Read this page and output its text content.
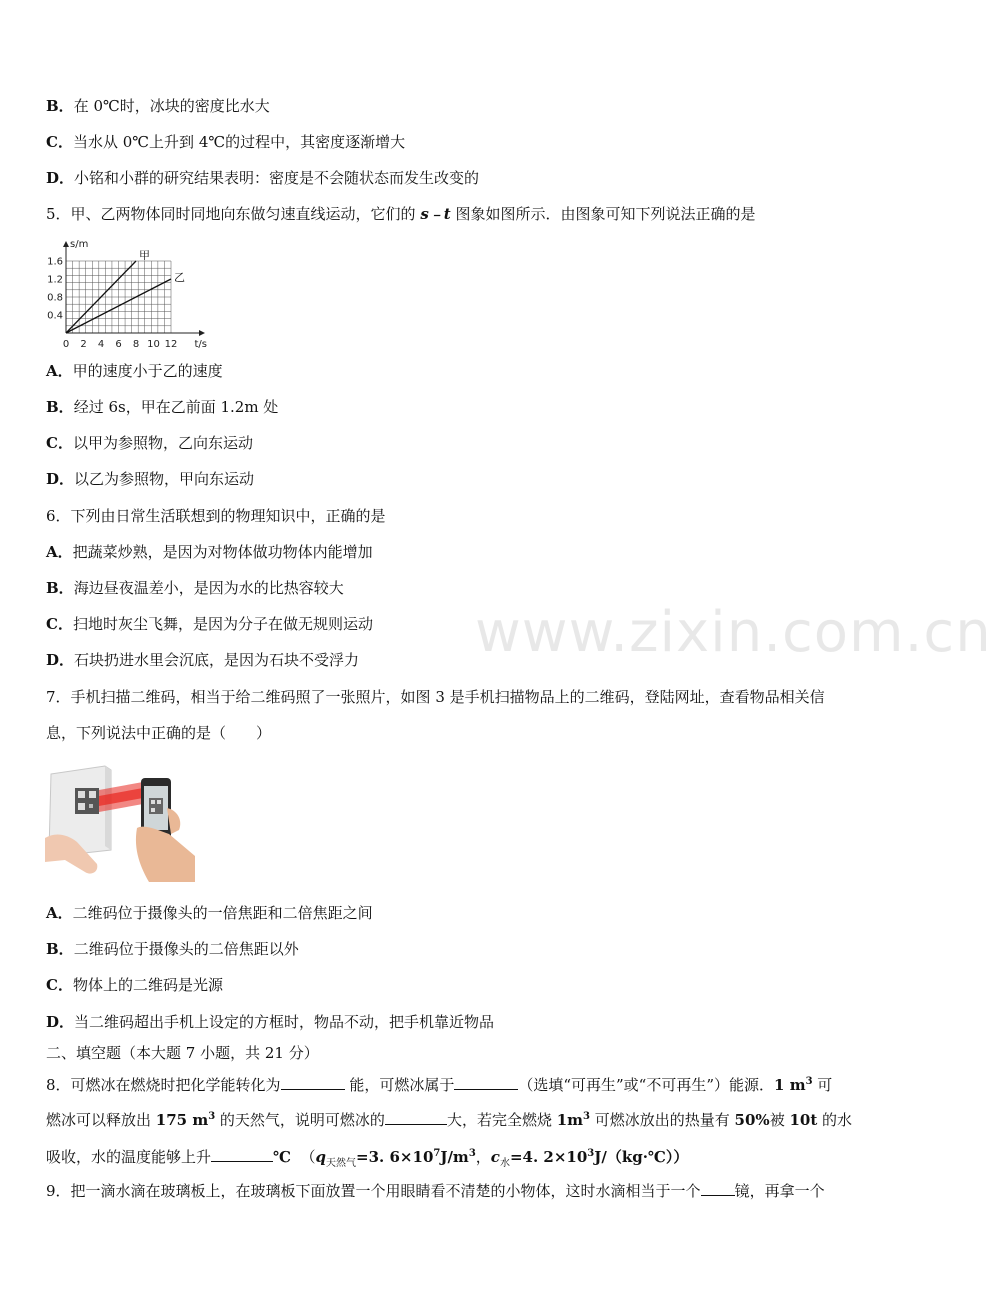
www.zixin.com.cn
B．在 0℃时，冰块的密度比水大
C．当水从 0℃上升到 4℃的过程中，其密度逐渐增大
D．小铭和小群的研究结果表明：密度是不会随状态而发生改变的
5．甲、乙两物体同时同地向东做匀速直线运动，它们的 s﹣t 图象如图所示．由图象可知下列说法正确的是
0 2 4 6 8 10 12
0.4
0.8
1.2
1.6
s/m
t/s
甲
乙
A．甲的速度小于乙的速度
B．经过 6s，甲在乙前面 1.2m 处
C．以甲为参照物，乙向东运动
D．以乙为参照物，甲向东运动
6．下列由日常生活联想到的物理知识中，正确的是
A．把蔬菜炒熟，是因为对物体做功物体内能增加
B．海边昼夜温差小，是因为水的比热容较大
C．扫地时灰尘飞舞，是因为分子在做无规则运动
D．石块扔进水里会沉底，是因为石块不受浮力
7．手机扫描二维码，相当于给二维码照了一张照片，如图 3 是手机扫描物品上的二维码，登陆网址，查看物品相关信
息，下列说法中正确的是（　　）
A．二维码位于摄像头的一倍焦距和二倍焦距之间
B．二维码位于摄像头的二倍焦距以外
C．物体上的二维码是光源
D．当二维码超出手机上设定的方框时，物品不动，把手机靠近物品
二、填空题（本大题 7 小题，共 21 分）
8．可燃冰在燃烧时把化学能转化为	能，可燃冰属于	（选填“可再生”或“不可再生”）能源．1 $m^3$ 可
燃冰可以释放出 175 $m^3$ 的天然气，说明可燃冰的	大，若完全燃烧 $1m^3$ 可燃冰放出的热量有 50%被 10t 的水
吸收，水的温度能够上升	℃  （$q_{天然气}=3$. $6\times 10^7J/m^3$，$c_水=4$. $2\times 10^3J/(kg\cdot℃)$）
9．把一滴水滴在玻璃板上，在玻璃板下面放置一个用眼睛看不清楚的小物体，这时水滴相当于一个 镜，再拿一个
